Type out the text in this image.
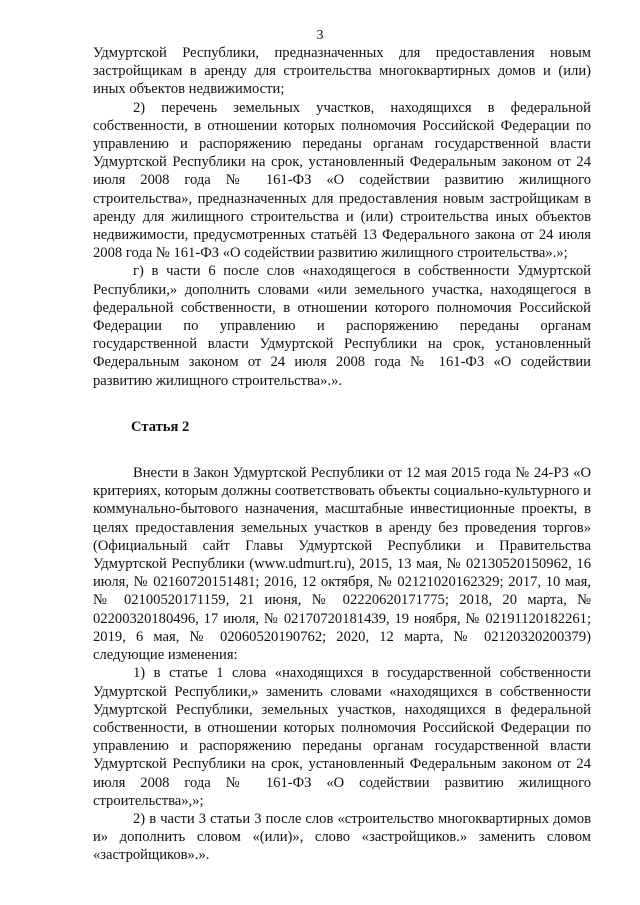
3

Удмуртской Республики, предназначенных для предоставления новым застройщикам в аренду для строительства многоквартирных домов и (или) иных объектов недвижимости;

2) перечень земельных участков, находящихся в федеральной собственности, в отношении которых полномочия Российской Федерации по управлению и распоряжению переданы органам государственной власти Удмуртской Республики на срок, установленный Федеральным законом от 24 июля 2008 года № 161-ФЗ «О содействии развитию жилищного строительства», предназначенных для предоставления новым застройщикам в аренду для жилищного строительства и (или) строительства иных объектов недвижимости, предусмотренных статьёй 13 Федерального закона от 24 июля 2008 года № 161-ФЗ «О содействии развитию жилищного строительства».»;

г) в части 6 после слов «находящегося в собственности Удмуртской Республики,» дополнить словами «или земельного участка, находящегося в федеральной собственности, в отношении которого полномочия Российской Федерации по управлению и распоряжению переданы органам государственной власти Удмуртской Республики на срок, установленный Федеральным законом от 24 июля 2008 года № 161-ФЗ «О содействии развитию жилищного строительства».».

Статья 2

Внести в Закон Удмуртской Республики от 12 мая 2015 года № 24-РЗ «О критериях, которым должны соответствовать объекты социально-культурного и коммунально-бытового назначения, масштабные инвестиционные проекты, в целях предоставления земельных участков в аренду без проведения торгов» (Официальный сайт Главы Удмуртской Республики и Правительства Удмуртской Республики (www.udmurt.ru), 2015, 13 мая, № 02130520150962, 16 июля, № 02160720151481; 2016, 12 октября, № 02121020162329; 2017, 10 мая, № 02100520171159, 21 июня, № 02220620171775; 2018, 20 марта, № 02200320180496, 17 июля, № 02170720181439, 19 ноября, № 02191120182261; 2019, 6 мая, № 02060520190762; 2020, 12 марта, № 02120320200379) следующие изменения:

1) в статье 1 слова «находящихся в государственной собственности Удмуртской Республики,» заменить словами «находящихся в собственности Удмуртской Республики, земельных участков, находящихся в федеральной собственности, в отношении которых полномочия Российской Федерации по управлению и распоряжению переданы органам государственной власти Удмуртской Республики на срок, установленный Федеральным законом от 24 июля 2008 года № 161-ФЗ «О содействии развитию жилищного строительства»,»;

2) в части 3 статьи 3 после слов «строительство многоквартирных домов и» дополнить словом «(или)», слово «застройщиков.» заменить словом «застройщиков».».
